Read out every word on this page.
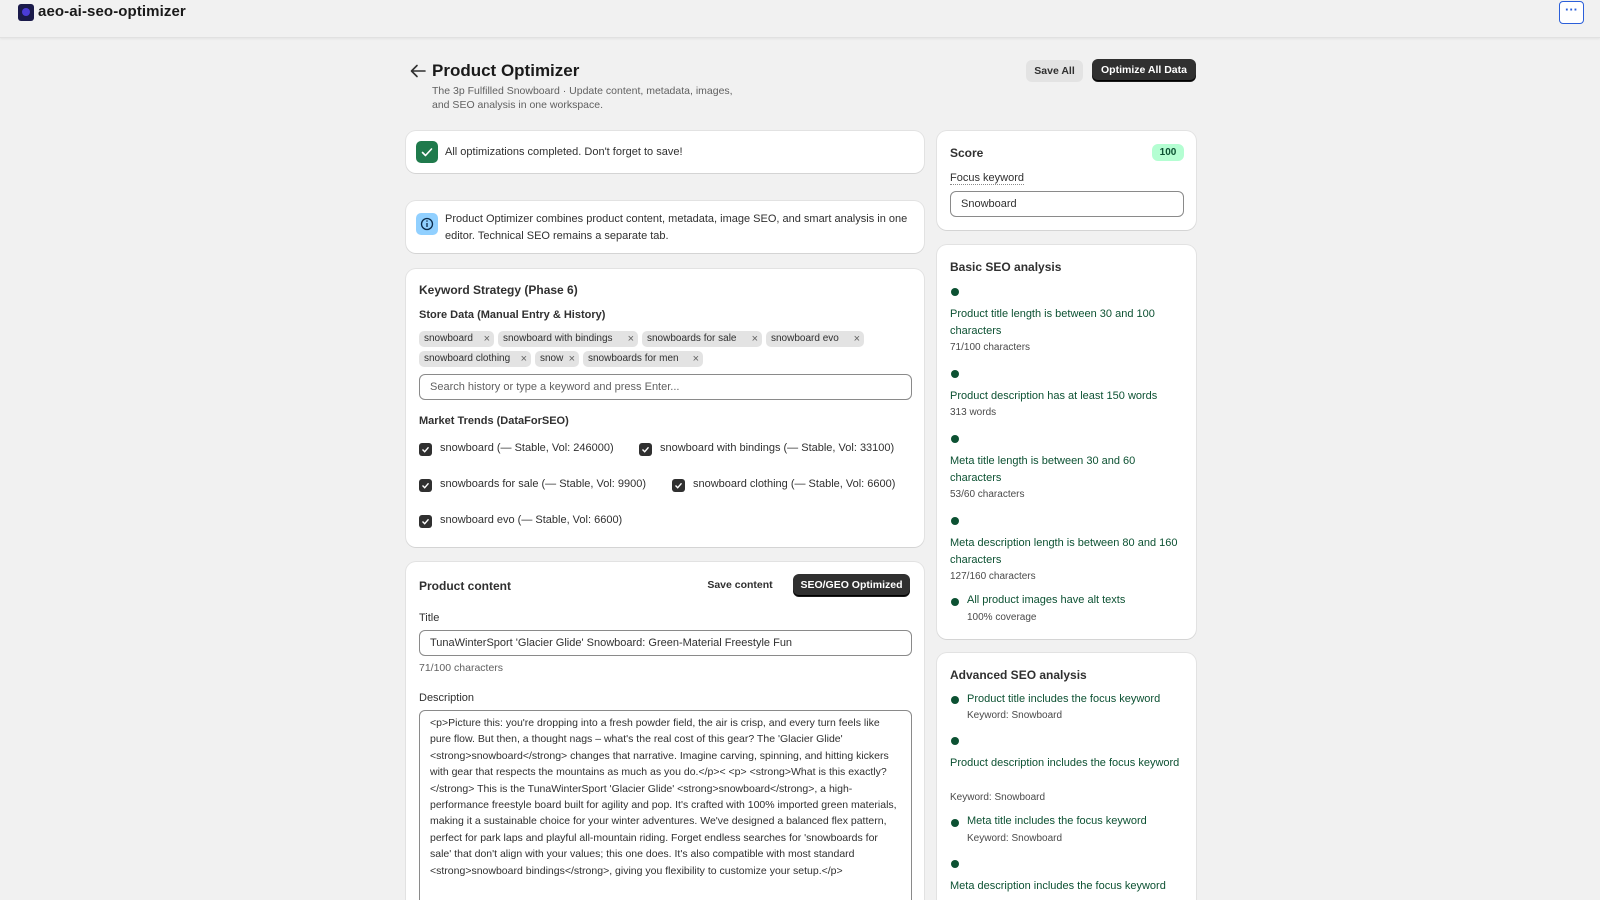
aeo-ai-seo-optimizer	···
Product Optimizer
The 3p Fulfilled Snowboard · Update content, metadata, images, and SEO analysis in one workspace.
Save All	Optimize All Data
All optimizations completed. Don't forget to save!
Product Optimizer combines product content, metadata, image SEO, and smart analysis in one editor. Technical SEO remains a separate tab.
Keyword Strategy (Phase 6)
Store Data (Manual Entry & History)
snowboard ×	snowboard with bindings ×	snowboards for sale ×	snowboard evo ×
snowboard clothing ×	snow ×	snowboards for men ×
Search history or type a keyword and press Enter...
Market Trends (DataForSEO)
snowboard (— Stable, Vol: 246000)	snowboard with bindings (— Stable, Vol: 33100)
snowboards for sale (— Stable, Vol: 9900)	snowboard clothing (— Stable, Vol: 6600)
snowboard evo (— Stable, Vol: 6600)
Product content	Save content	SEO/GEO Optimized
Title
TunaWinterSport 'Glacier Glide' Snowboard: Green-Material Freestyle Fun
71/100 characters
Description
<p>Picture this: you're dropping into a fresh powder field, the air is crisp, and every turn feels like pure flow. But then, a thought nags – what's the real cost of this gear? The 'Glacier Glide' <strong>snowboard</strong> changes that narrative. Imagine carving, spinning, and hitting kickers with gear that respects the mountains as much as you do.</p>< <p> <strong>What is this exactly?</strong> This is the TunaWinterSport 'Glacier Glide' <strong>snowboard</strong>, a high-performance freestyle board built for agility and pop. It's crafted with 100% imported green materials, making it a sustainable choice for your winter adventures. We've designed a balanced flex pattern, perfect for park laps and playful all-mountain riding. Forget endless searches for 'snowboards for sale' that don't align with your values; this one does. It's also compatible with most standard <strong>snowboard bindings</strong>, giving you flexibility to customize your setup.</p>
Score	100
Focus keyword
Snowboard
Basic SEO analysis
Product title length is between 30 and 100 characters
71/100 characters
Product description has at least 150 words
313 words
Meta title length is between 30 and 60 characters
53/60 characters
Meta description length is between 80 and 160 characters
127/160 characters
All product images have alt texts
100% coverage
Advanced SEO analysis
Product title includes the focus keyword
Keyword: Snowboard
Product description includes the focus keyword
Keyword: Snowboard
Meta title includes the focus keyword
Keyword: Snowboard
Meta description includes the focus keyword
